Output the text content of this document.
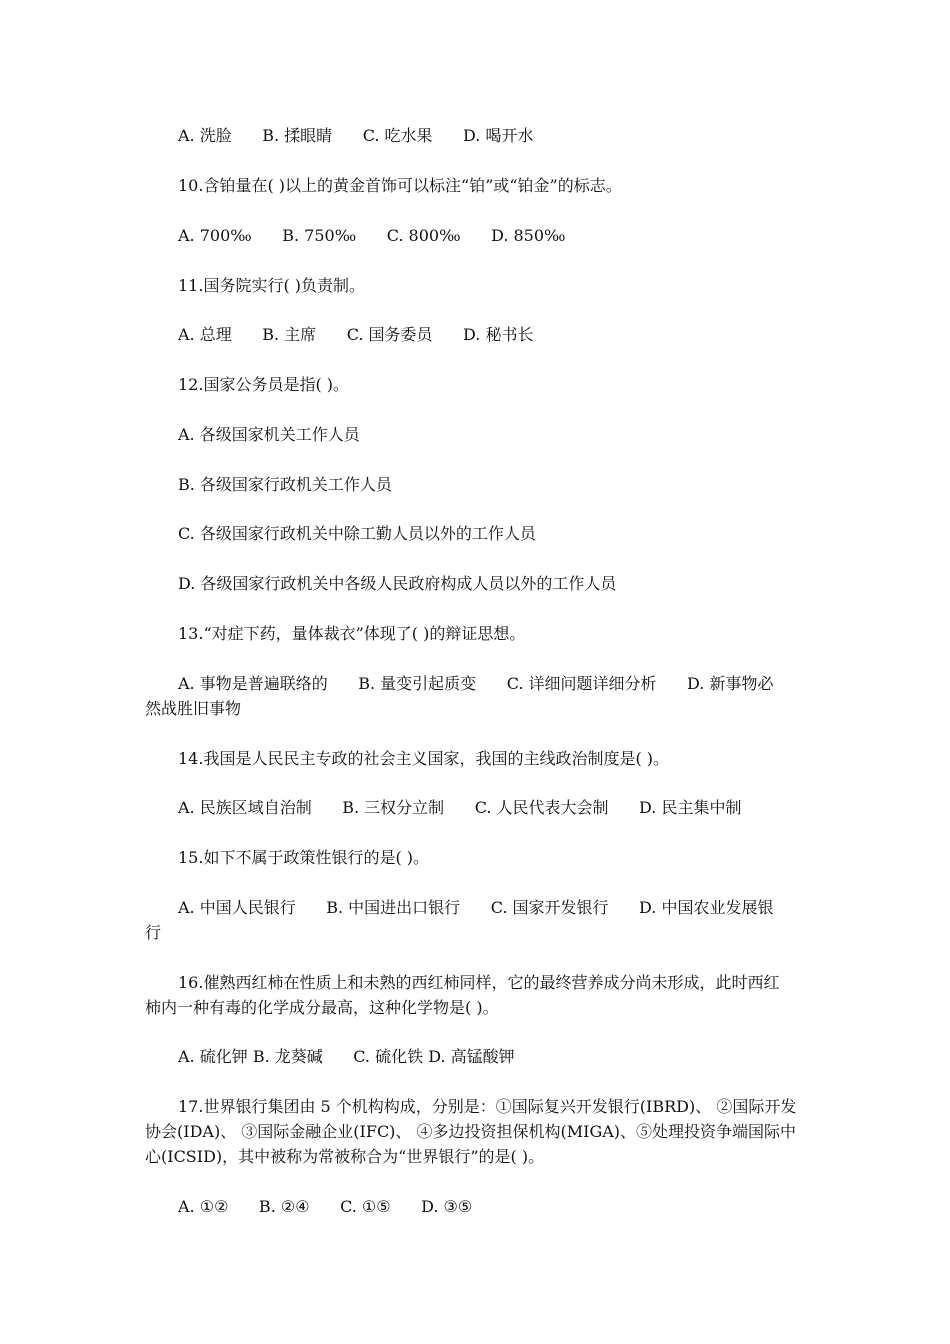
A. 洗脸      B. 揉眼睛      C. 吃水果      D. 喝开水
10.含铂量在( )以上的黄金首饰可以标注“铂”或“铂金”的标志。
A. 700‰      B. 750‰      C. 800‰      D. 850‰
11.国务院实行( )负责制。
A. 总理      B. 主席      C. 国务委员      D. 秘书长
12.国家公务员是指( )。
A. 各级国家机关工作人员
B. 各级国家行政机关工作人员
C. 各级国家行政机关中除工勤人员以外的工作人员
D. 各级国家行政机关中各级人民政府构成人员以外的工作人员
13.“对症下药，量体裁衣”体现了( )的辩证思想。
A. 事物是普遍联络的      B. 量变引起质变      C. 详细问题详细分析      D. 新事物必
然战胜旧事物
14.我国是人民民主专政的社会主义国家，我国的主线政治制度是( )。
A. 民族区域自治制      B. 三权分立制      C. 人民代表大会制      D. 民主集中制
15.如下不属于政策性银行的是( )。
A. 中国人民银行      B. 中国进出口银行      C. 国家开发银行      D. 中国农业发展银
行
16.催熟西红柿在性质上和未熟的西红柿同样，它的最终营养成分尚未形成，此时西红
柿内一种有毒的化学成分最高，这种化学物是( )。
A. 硫化钾 B. 龙葵碱      C. 硫化铁 D. 高锰酸钾
17.世界银行集团由 5 个机构构成，分别是：①国际复兴开发银行(IBRD)、 ②国际开发
协会(IDA)、 ③国际金融企业(IFC)、 ④多边投资担保机构(MIGA)、⑤处理投资争端国际中
心(ICSID)，其中被称为常被称合为“世界银行”的是( )。
A. ①②      B. ②④      C. ①⑤      D. ③⑤
